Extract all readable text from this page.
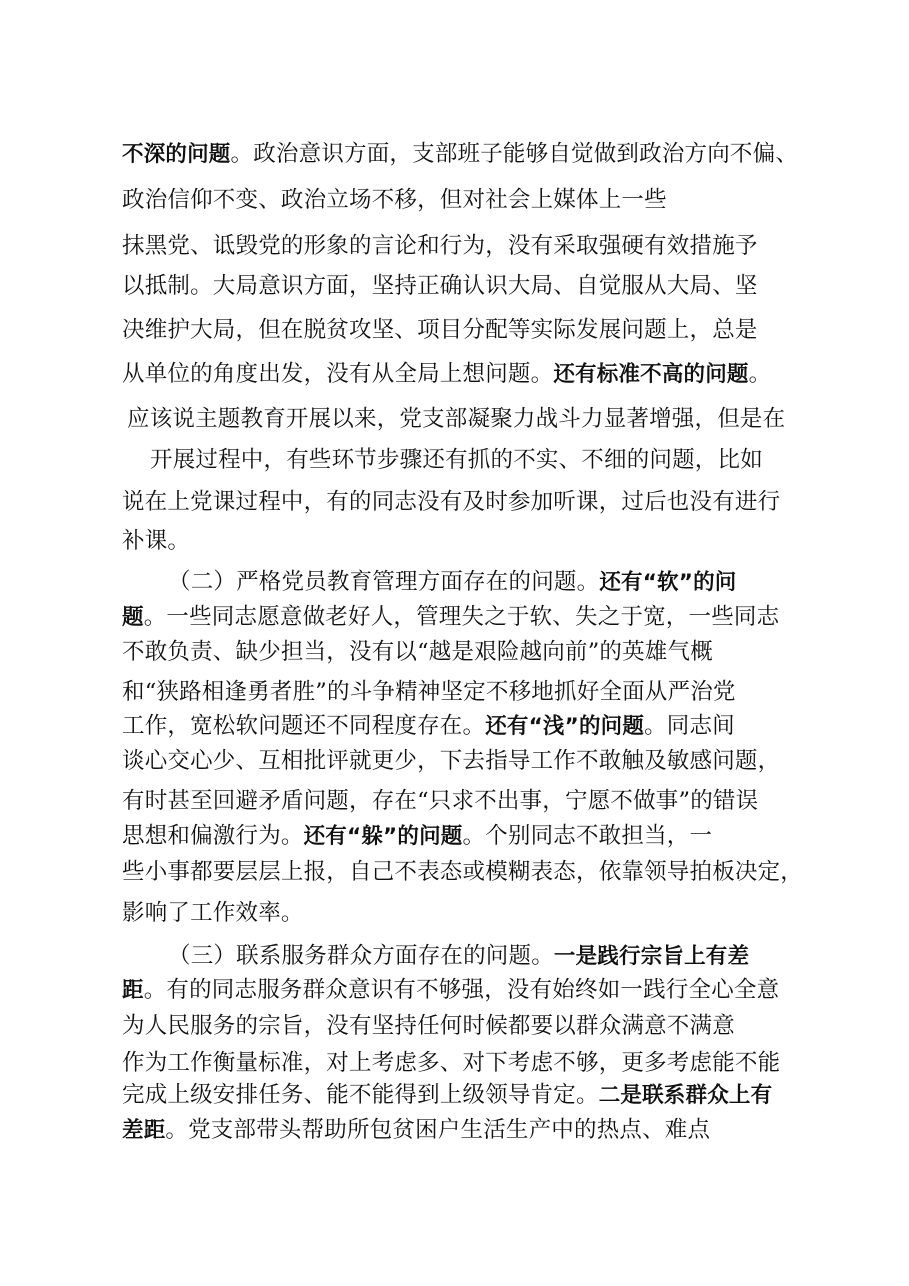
不深的问题。政治意识方面，支部班子能够自觉做到政治方向不偏、
政治信仰不变、政治立场不移，但对社会上媒体上一些
抹黑党、诋毁党的形象的言论和行为，没有采取强硬有效措施予
以抵制。大局意识方面，坚持正确认识大局、自觉服从大局、坚
决维护大局，但在脱贫攻坚、项目分配等实际发展问题上，总是
从单位的角度出发，没有从全局上想问题。还有标准不高的问题。
应该说主题教育开展以来，党支部凝聚力战斗力显著增强，但是在
开展过程中，有些环节步骤还有抓的不实、不细的问题，比如
说在上党课过程中，有的同志没有及时参加听课，过后也没有进行
补课。
（二）严格党员教育管理方面存在的问题。还有“软”的问
题。一些同志愿意做老好人，管理失之于软、失之于宽，一些同志
不敢负责、缺少担当，没有以“越是艰险越向前”的英雄气概
和“狭路相逢勇者胜”的斗争精神坚定不移地抓好全面从严治党
工作，宽松软问题还不同程度存在。还有“浅”的问题。同志间
谈心交心少、互相批评就更少，下去指导工作不敢触及敏感问题，
有时甚至回避矛盾问题，存在“只求不出事，宁愿不做事”的错误
思想和偏激行为。还有“躲”的问题。个别同志不敢担当，一
些小事都要层层上报，自己不表态或模糊表态，依靠领导拍板决定，
影响了工作效率。
（三）联系服务群众方面存在的问题。一是践行宗旨上有差
距。有的同志服务群众意识有不够强，没有始终如一践行全心全意
为人民服务的宗旨，没有坚持任何时候都要以群众满意不满意
作为工作衡量标准，对上考虑多、对下考虑不够，更多考虑能不能
完成上级安排任务、能不能得到上级领导肯定。二是联系群众上有
差距。党支部带头帮助所包贫困户生活生产中的热点、难点
